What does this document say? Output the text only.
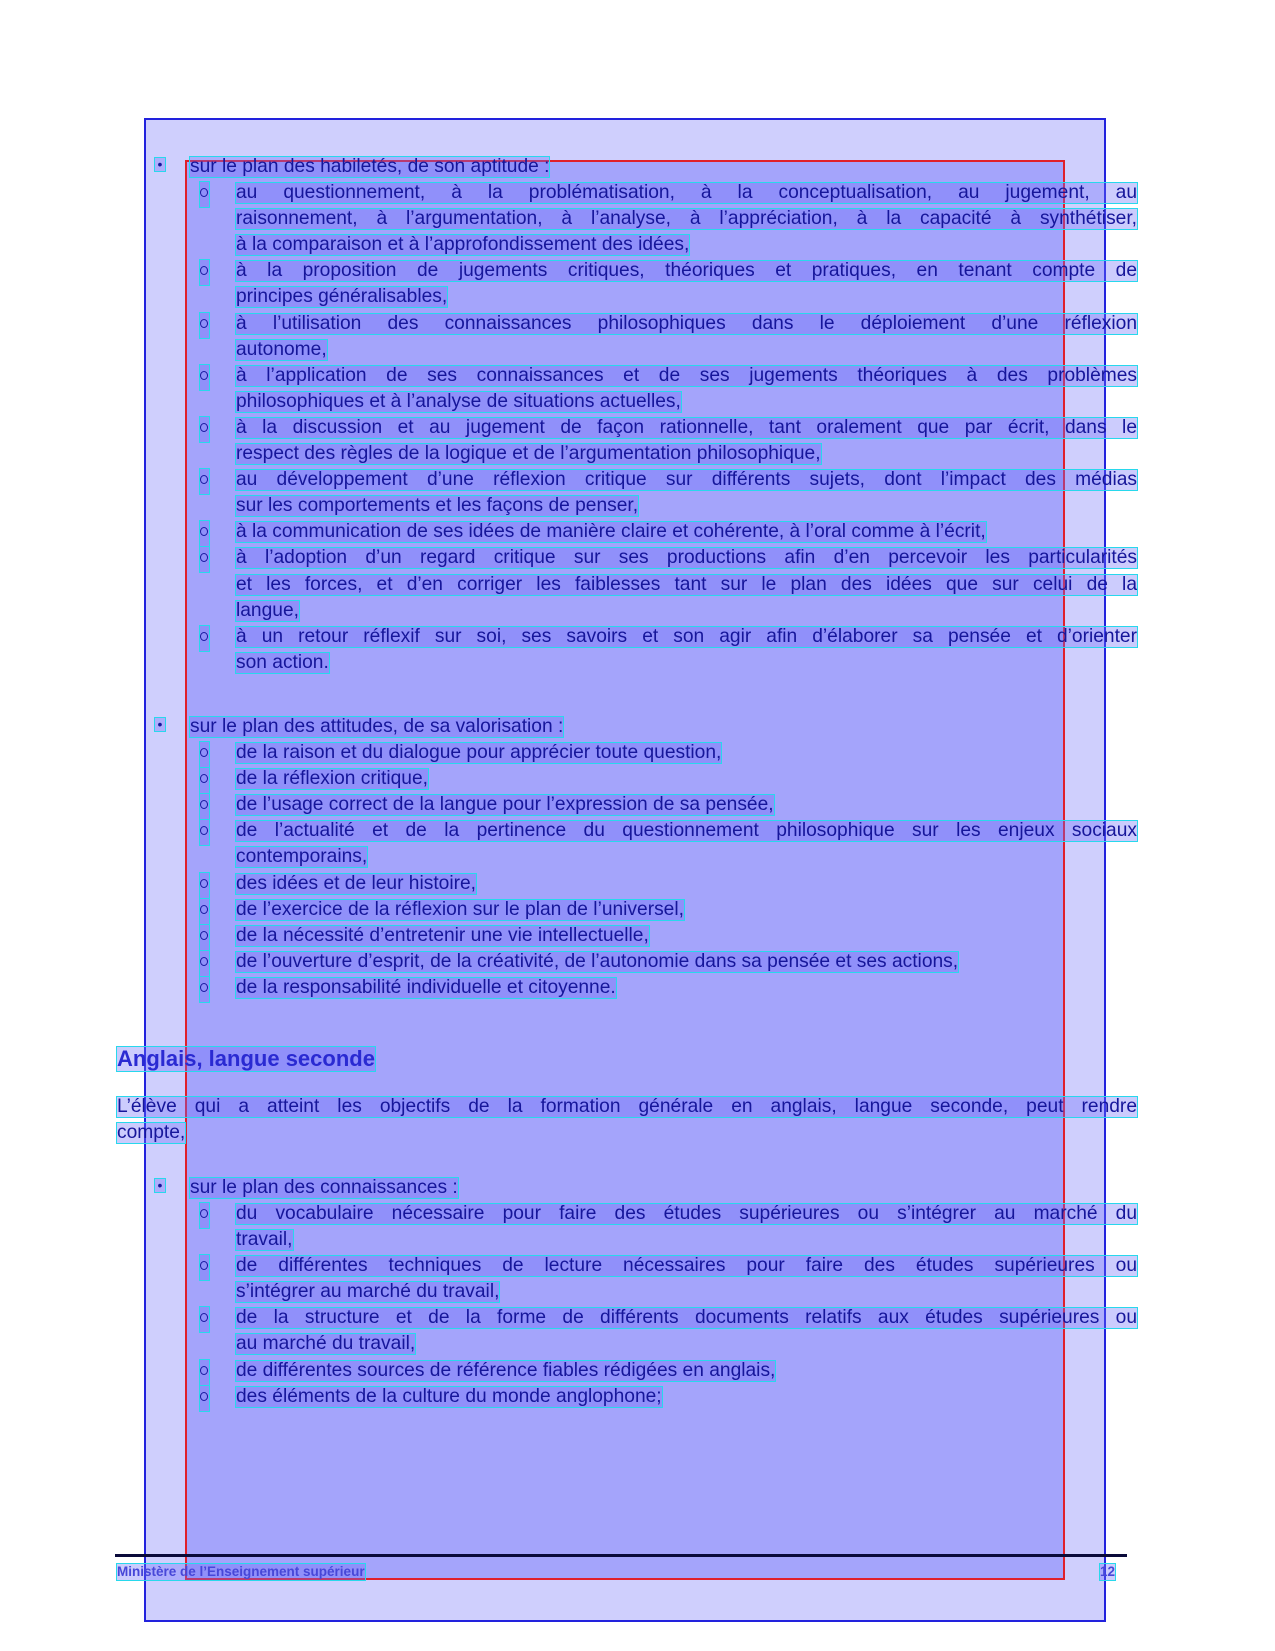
sur le plan des habiletés, de son aptitude :
•
sur le plan des attitudes, de sa valorisation :
•
Anglais, langue seconde
L’élève qui a atteint les objectifs de la formation générale en anglais, langue seconde, peut rendre
compte,
sur le plan des connaissances :
•
au questionnement, à la problématisation, à la conceptualisation, au jugement, au
raisonnement, à l’argumentation, à l’analyse, à l’appréciation, à la capacité à synthétiser,
à la comparaison et à l’approfondissement des idées,
à la proposition de jugements critiques, théoriques et pratiques, en tenant compte de
principes généralisables,
à l’utilisation des connaissances philosophiques dans le déploiement d’une réflexion
autonome,
à l’application de ses connaissances et de ses jugements théoriques à des problèmes
philosophiques et à l’analyse de situations actuelles,
à la discussion et au jugement de façon rationnelle, tant oralement que par écrit, dans le
respect des règles de la logique et de l’argumentation philosophique,
au développement d’une réflexion critique sur différents sujets, dont l’impact des médias
sur les comportements et les façons de penser,
à la communication de ses idées de manière claire et cohérente, à l’oral comme à l’écrit,
à l’adoption d’un regard critique sur ses productions afin d’en percevoir les particularités
et les forces, et d’en corriger les faiblesses tant sur le plan des idées que sur celui de la
langue,
à un retour réflexif sur soi, ses savoirs et son agir afin d’élaborer sa pensée et d’orienter
son action.
de la raison et du dialogue pour apprécier toute question,
de la réflexion critique,
de l’usage correct de la langue pour l’expression de sa pensée,
de l’actualité et de la pertinence du questionnement philosophique sur les enjeux sociaux
contemporains,
des idées et de leur histoire,
de l’exercice de la réflexion sur le plan de l’universel,
de la nécessité d’entretenir une vie intellectuelle,
de l’ouverture d’esprit, de la créativité, de l’autonomie dans sa pensée et ses actions,
de la responsabilité individuelle et citoyenne.
du vocabulaire nécessaire pour faire des études supérieures ou s’intégrer au marché du
travail,
de différentes techniques de lecture nécessaires pour faire des études supérieures ou
s’intégrer au marché du travail,
de la structure et de la forme de différents documents relatifs aux études supérieures ou
au marché du travail,
de différentes sources de référence fiables rédigées en anglais,
des éléments de la culture du monde anglophone;
Ministère de l’Enseignement supérieur	12
